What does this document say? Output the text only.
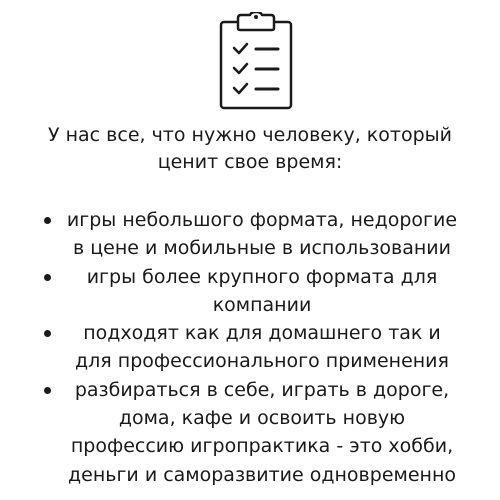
У нас все, что нужно человеку, который ценит свое время:

игры небольшого формата, недорогие в цене и мобильные в использовании
игры более крупного формата для компании
подходят как для домашнего так и для профессионального применения
разбираться в себе, играть в дороге, дома, кафе и освоить новую профессию игропрактика - это хобби, деньги и саморазвитие одновременно
